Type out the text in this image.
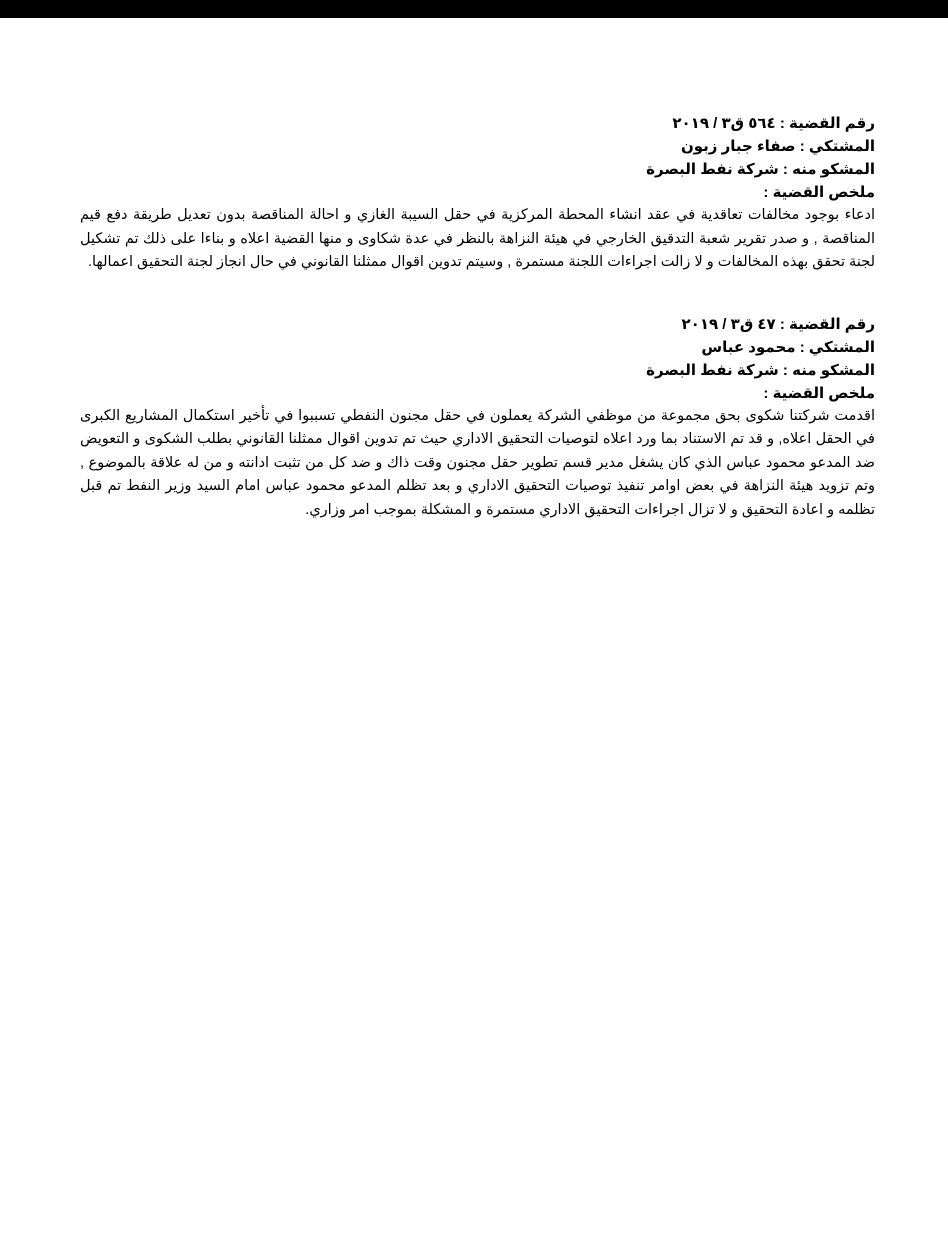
رقم القضية : ٥٦٤ ق٣ / ٢٠١٩
المشتكي : صفاء جبار زبون
المشكو منه : شركة نفط البصرة
ملخص القضية :
ادعاء بوجود مخالفات تعاقدية في عقد انشاء المحطة المركزية في حقل السيبة الغازي و احالة المناقصة بدون تعديل طريقة دفع قيم المناقصة , و صدر تقرير شعبة التدقيق الخارجي في هيئة النزاهة بالنظر في عدة شكاوى و منها القضية اعلاه و بناءا على ذلك تم تشكيل لجنة تحقق بهذه المخالفات و لا زالت اجراءات اللجنة مستمرة , وسيتم تدوين اقوال ممثلنا القانوني في حال انجاز لجنة التحقيق اعمالها.
رقم القضية : ٤٧ ق٣ / ٢٠١٩
المشتكي : محمود عباس
المشكو منه : شركة نفط البصرة
ملخص القضية :
اقدمت شركتنا شكوى بحق مجموعة من موظفي الشركة يعملون في حقل مجنون النفطي تسببوا في تأخير استكمال المشاريع الكبرى في الحقل اعلاه, و قد تم الاستناد بما ورد اعلاه لتوصيات التحقيق الاداري حيث تم تدوين اقوال ممثلنا القانوني بطلب الشكوى و التعويض ضد المدعو محمود عباس الذي كان يشغل مدير قسم تطوير حقل مجنون وقت ذاك و ضد كل من تثبت ادانته و من له علاقة بالموضوع , وتم تزويد هيئة النزاهة في بعض اوامر تنفيذ توصيات التحقيق الاداري و بعد تظلم المدعو محمود عباس امام السيد وزير النفط تم قبل تظلمه و اعادة التحقيق و لا تزال اجراءات التحقيق الاداري مستمرة و المشكلة بموجب امر وزاري.
